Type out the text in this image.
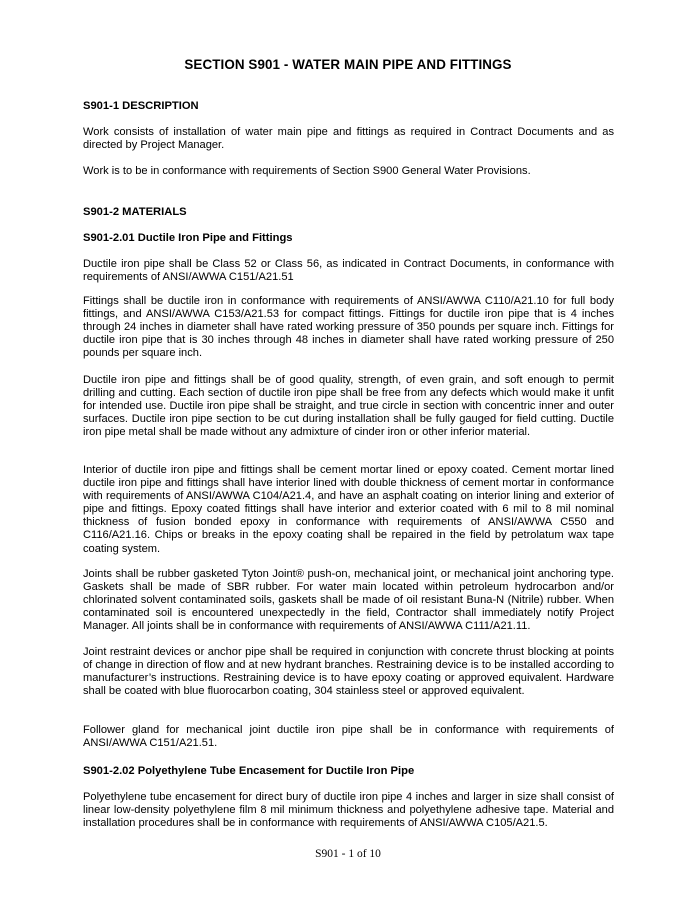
SECTION S901 - WATER MAIN PIPE AND FITTINGS
S901-1 DESCRIPTION

Work consists of installation of water main pipe and fittings as required in Contract Documents and as directed by Project Manager.

Work is to be in conformance with requirements of Section S900 General Water Provisions.

S901-2 MATERIALS
S901-2.01 Ductile Iron Pipe and Fittings

Ductile iron pipe shall be Class 52 or Class 56, as indicated in Contract Documents, in conformance with requirements of ANSI/AWWA C151/A21.51

Fittings shall be ductile iron in conformance with requirements of ANSI/AWWA C110/A21.10 for full body fittings, and ANSI/AWWA C153/A21.53 for compact fittings. Fittings for ductile iron pipe that is 4 inches through 24 inches in diameter shall have rated working pressure of 350 pounds per square inch. Fittings for ductile iron pipe that is 30 inches through 48 inches in diameter shall have rated working pressure of 250 pounds per square inch.

Ductile iron pipe and fittings shall be of good quality, strength, of even grain, and soft enough to permit drilling and cutting. Each section of ductile iron pipe shall be free from any defects which would make it unfit for intended use. Ductile iron pipe shall be straight, and true circle in section with concentric inner and outer surfaces. Ductile iron pipe section to be cut during installation shall be fully gauged for field cutting. Ductile iron pipe metal shall be made without any admixture of cinder iron or other inferior material.

Interior of ductile iron pipe and fittings shall be cement mortar lined or epoxy coated. Cement mortar lined ductile iron pipe and fittings shall have interior lined with double thickness of cement mortar in conformance with requirements of ANSI/AWWA C104/A21.4, and have an asphalt coating on interior lining and exterior of pipe and fittings. Epoxy coated fittings shall have interior and exterior coated with 6 mil to 8 mil nominal thickness of fusion bonded epoxy in conformance with requirements of ANSI/AWWA C550 and C116/A21.16. Chips or breaks in the epoxy coating shall be repaired in the field by petrolatum wax tape coating system.

Joints shall be rubber gasketed Tyton Joint® push-on, mechanical joint, or mechanical joint anchoring type. Gaskets shall be made of SBR rubber. For water main located within petroleum hydrocarbon and/or chlorinated solvent contaminated soils, gaskets shall be made of oil resistant Buna-N (Nitrile) rubber. When contaminated soil is encountered unexpectedly in the field, Contractor shall immediately notify Project Manager. All joints shall be in conformance with requirements of ANSI/AWWA C111/A21.11.

Joint restraint devices or anchor pipe shall be required in conjunction with concrete thrust blocking at points of change in direction of flow and at new hydrant branches. Restraining device is to be installed according to manufacturer’s instructions. Restraining device is to have epoxy coating or approved equivalent. Hardware shall be coated with blue fluorocarbon coating, 304 stainless steel or approved equivalent.

Follower gland for mechanical joint ductile iron pipe shall be in conformance with requirements of ANSI/AWWA C151/A21.51.

S901-2.02 Polyethylene Tube Encasement for Ductile Iron Pipe

Polyethylene tube encasement for direct bury of ductile iron pipe 4 inches and larger in size shall consist of linear low-density polyethylene film 8 mil minimum thickness and polyethylene adhesive tape. Material and installation procedures shall be in conformance with requirements of ANSI/AWWA C105/A21.5.

S901 - 1 of 10
